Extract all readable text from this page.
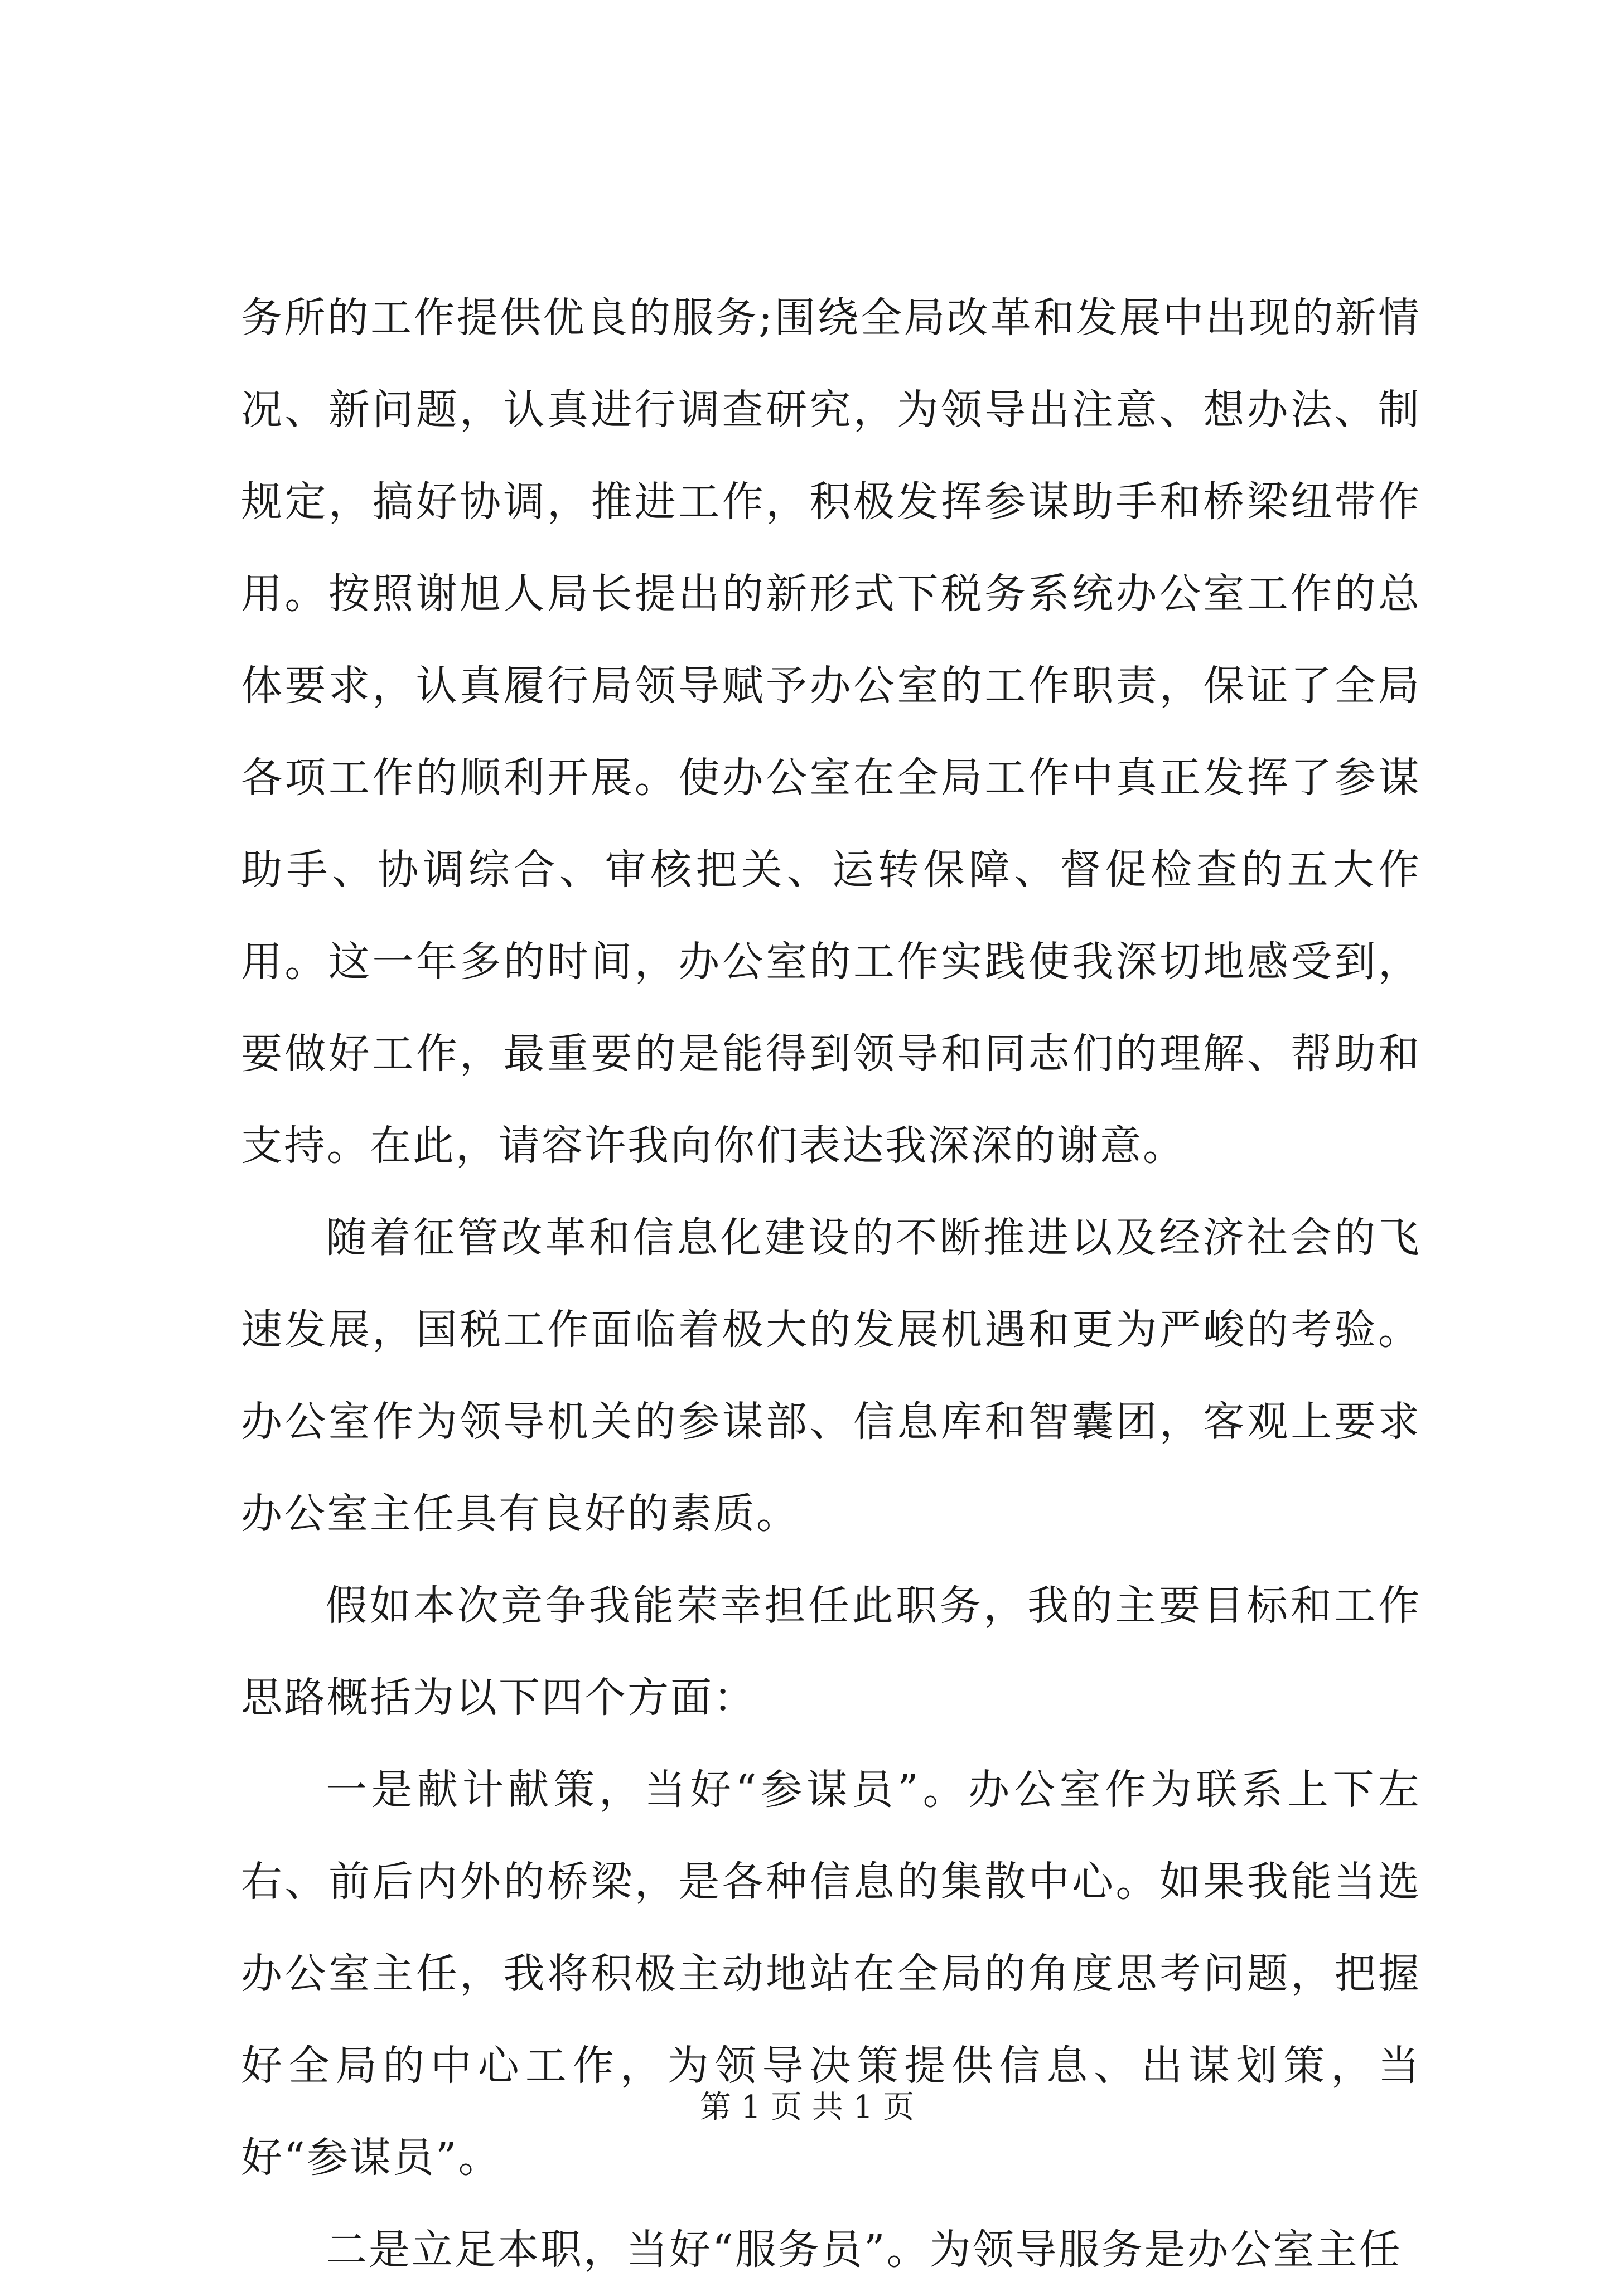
务所的工作提供优良的服务;围绕全局改革和发展中出现的新情况、新问题，认真进行调查研究，为领导出注意、想办法、制规定，搞好协调，推进工作，积极发挥参谋助手和桥梁纽带作用。按照谢旭人局长提出的新形式下税务系统办公室工作的总体要求，认真履行局领导赋予办公室的工作职责，保证了全局各项工作的顺利开展。使办公室在全局工作中真正发挥了参谋助手、协调综合、审核把关、运转保障、督促检查的五大作用。这一年多的时间，办公室的工作实践使我深切地感受到，要做好工作，最重要的是能得到领导和同志们的理解、帮助和支持。在此，请容许我向你们表达我深深的谢意。

随着征管改革和信息化建设的不断推进以及经济社会的飞速发展，国税工作面临着极大的发展机遇和更为严峻的考验。办公室作为领导机关的参谋部、信息库和智囊团，客观上要求办公室主任具有良好的素质。

假如本次竞争我能荣幸担任此职务，我的主要目标和工作思路概括为以下四个方面：

一是献计献策，当好“参谋员”。办公室作为联系上下左右、前后内外的桥梁，是各种信息的集散中心。如果我能当选办公室主任，我将积极主动地站在全局的角度思考问题，把握好全局的中心工作，为领导决策提供信息、出谋划策，当好“参谋员”。

二是立足本职，当好“服务员”。为领导服务是办公室主任

第 1 页 共 1 页
